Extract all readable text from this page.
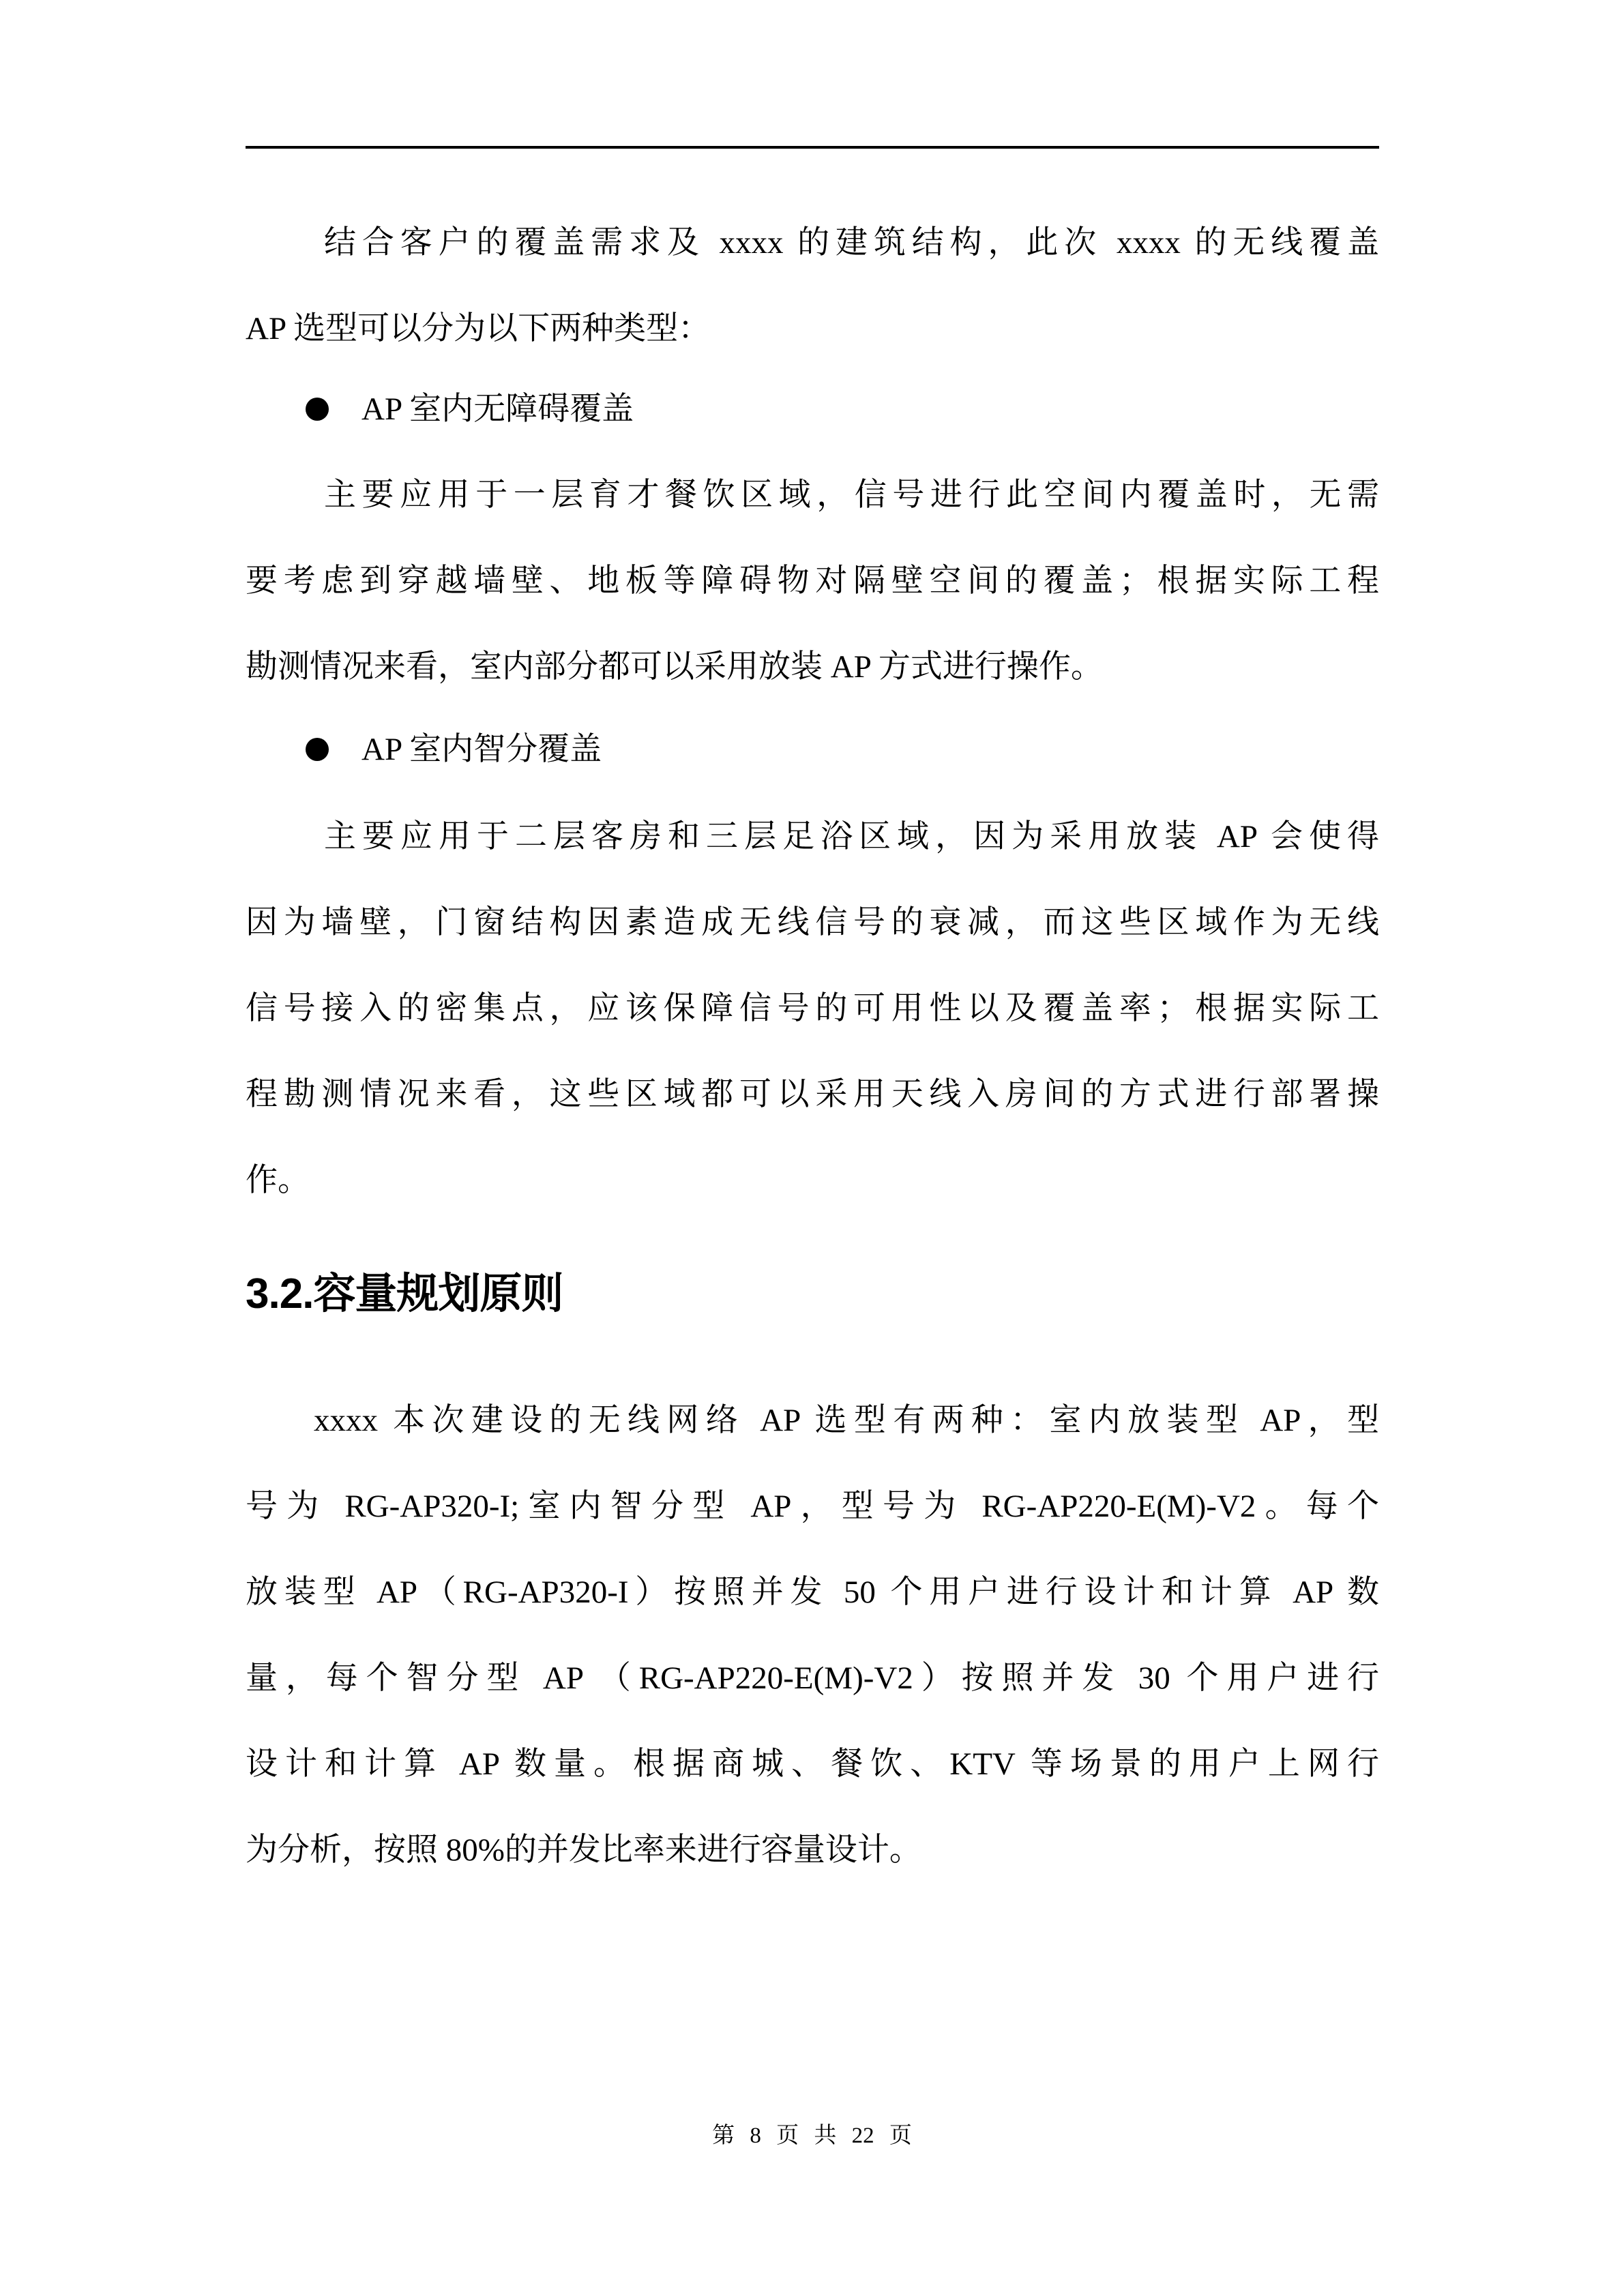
结合客户的覆盖需求及 xxxx 的建筑结构，此次 xxxx 的无线覆盖
AP 选型可以分为以下两种类型：
AP 室内无障碍覆盖
主要应用于一层育才餐饮区域，信号进行此空间内覆盖时，无需
要考虑到穿越墙壁、地板等障碍物对隔壁空间的覆盖；根据实际工程
勘测情况来看，室内部分都可以采用放装 AP 方式进行操作。
AP 室内智分覆盖
主要应用于二层客房和三层足浴区域，因为采用放装 AP 会使得
因为墙壁，门窗结构因素造成无线信号的衰减，而这些区域作为无线
信号接入的密集点，应该保障信号的可用性以及覆盖率；根据实际工
程勘测情况来看，这些区域都可以采用天线入房间的方式进行部署操
作。
3.2.容量规划原则
xxxx 本次建设的无线网络 AP 选型有两种：室内放装型 AP，型
号为 RG-AP320-I;室内智分型 AP，型号为 RG-AP220-E(M)-V2。每个
放装型 AP（RG-AP320-I）按照并发 50 个用户进行设计和计算 AP 数
量，每个智分型 AP （RG-AP220-E(M)-V2）按照并发 30 个用户进行
设计和计算 AP 数量。根据商城、餐饮、KTV 等场景的用户上网行
为分析，按照 80%的并发比率来进行容量设计。
第 8 页 共 22 页
